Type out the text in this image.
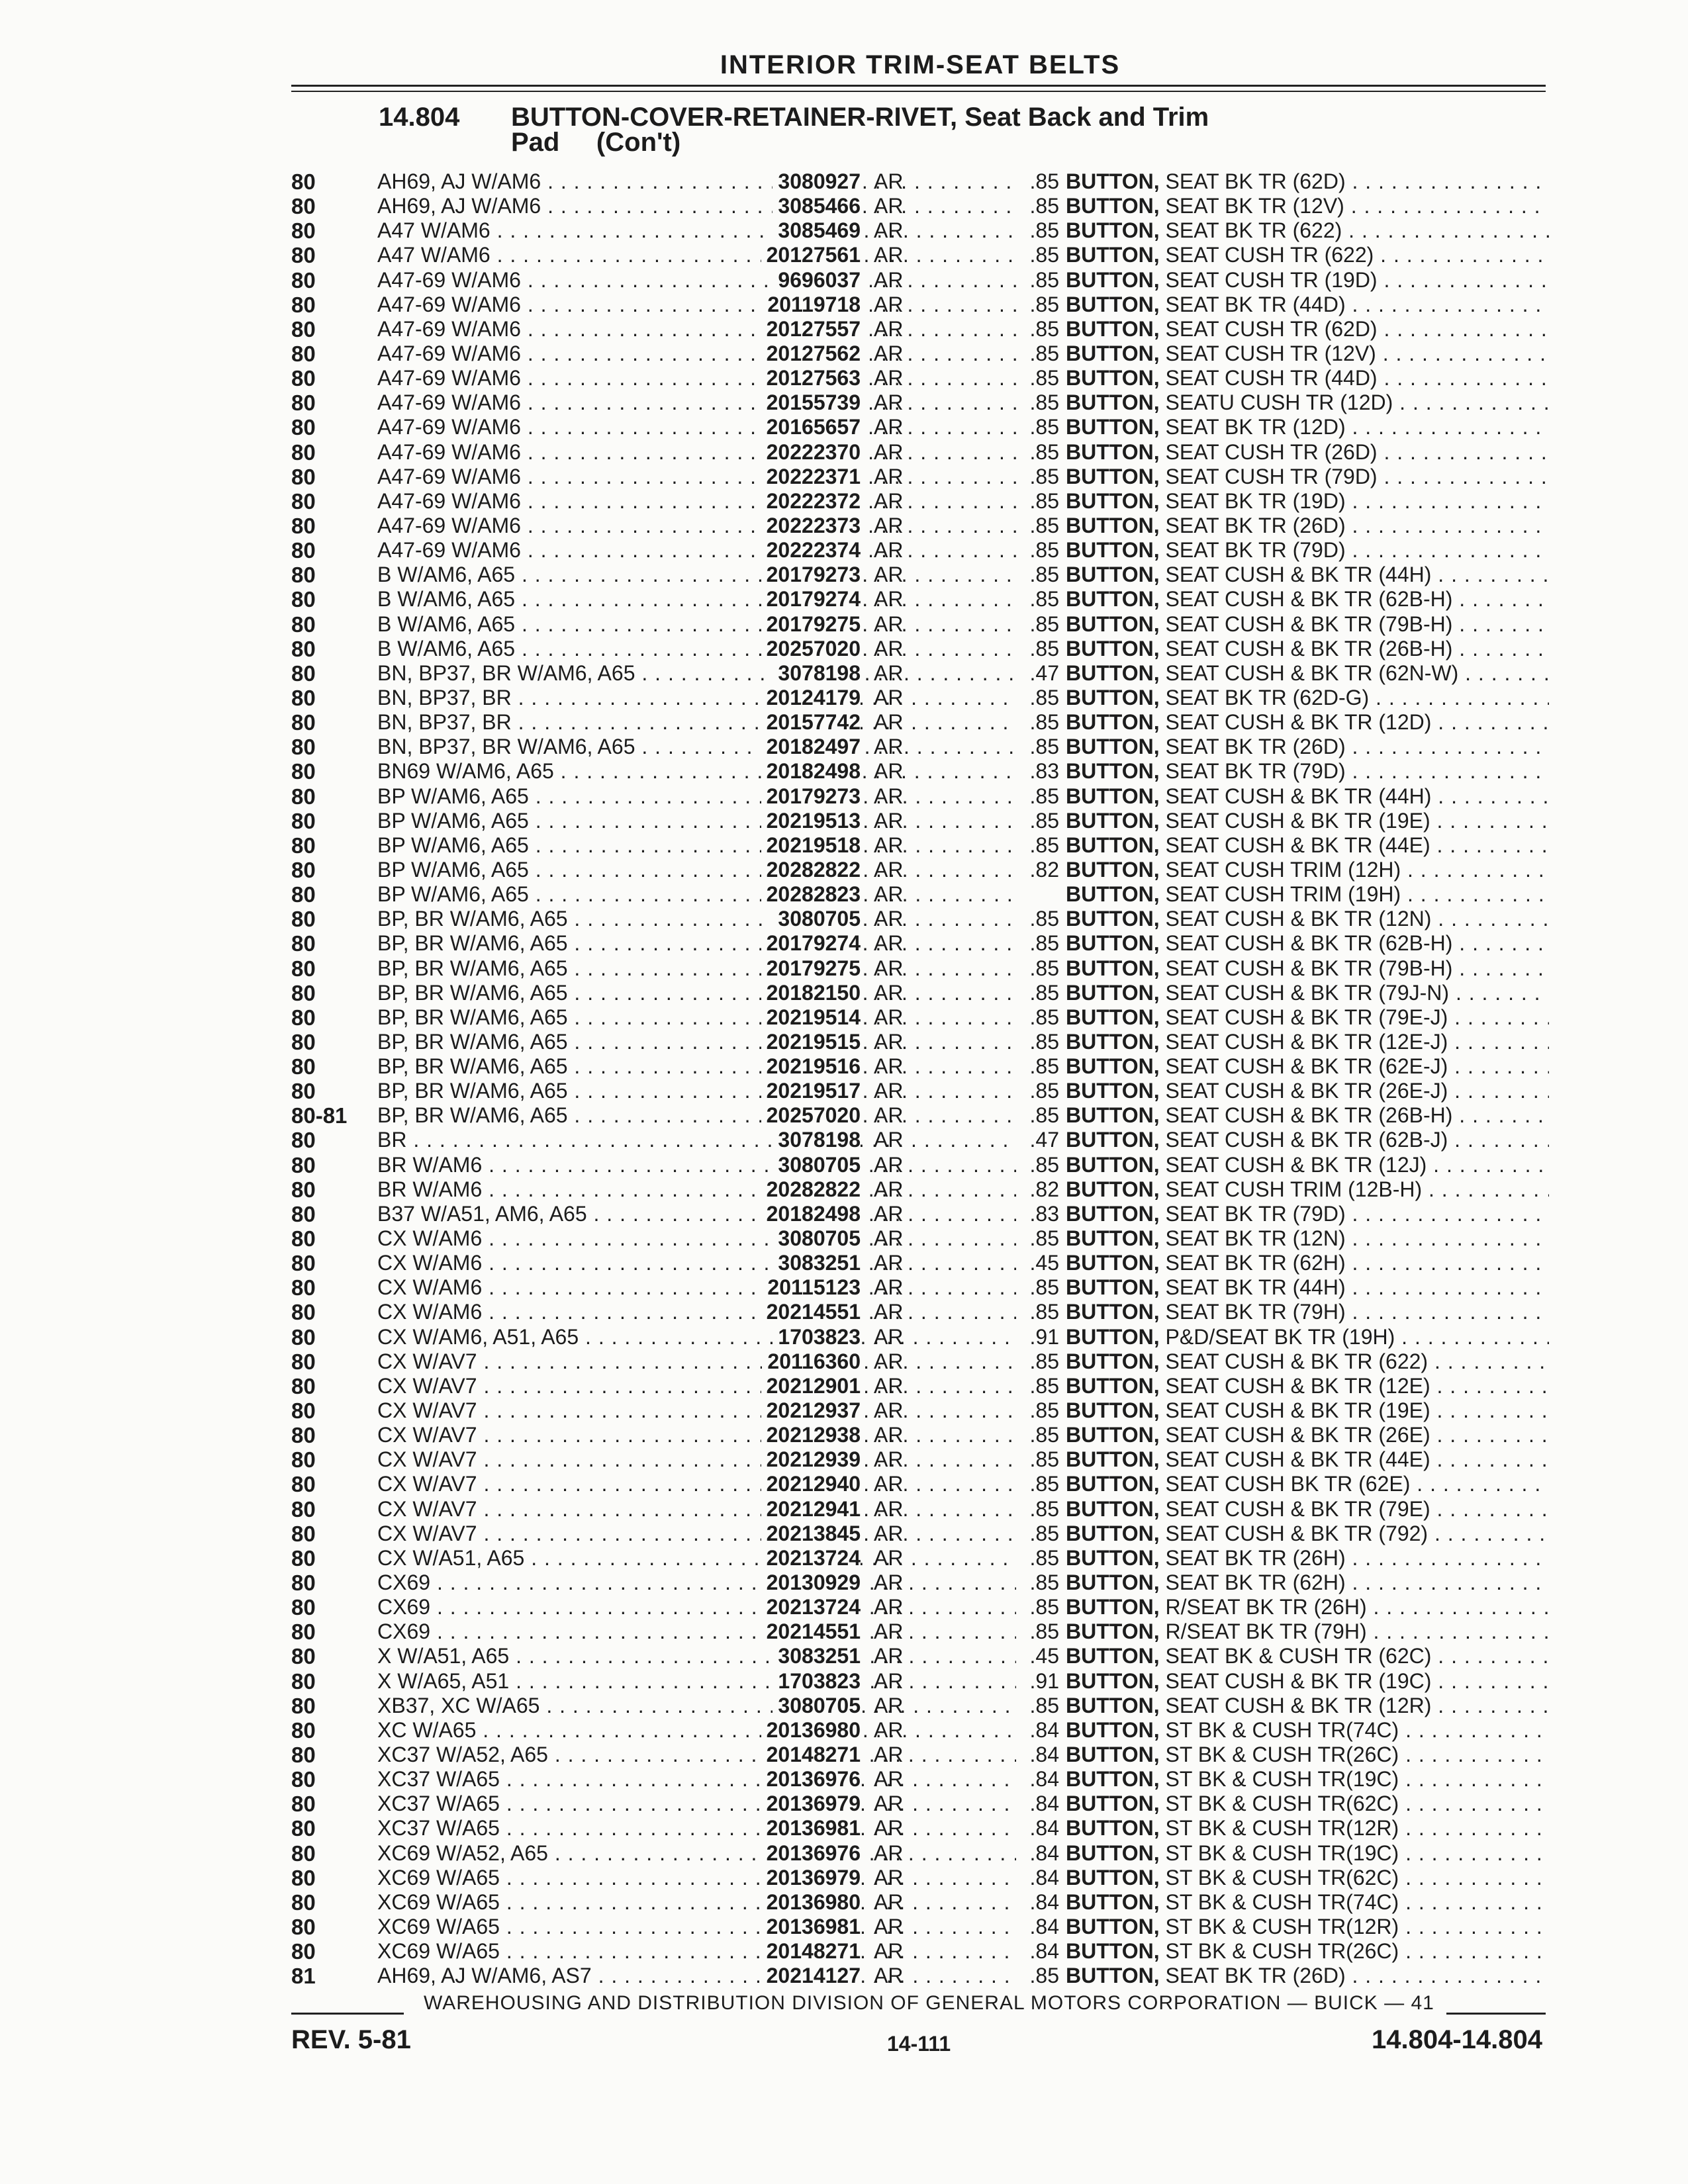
INTERIOR TRIM-SEAT BELTS
14.804 BUTTON-COVER-RETAINER-RIVET, Seat Back and Trim
Pad     (Con't)
80	AH69, AJ W/AM6 . . .	3080927 AR	.85 BUTTON, SEAT BK TR (62D) . . .
80	AH69, AJ W/AM6 . . .	3085466 AR	.85 BUTTON, SEAT BK TR (12V) . . .
80	A47 W/AM6 . . .	3085469 AR	.85 BUTTON, SEAT BK TR (622) . . .
80	A47 W/AM6 . . .	20127561 AR	.85 BUTTON, SEAT CUSH TR (622) . . .
80	A47-69 W/AM6 . . .	9696037 AR	.85 BUTTON, SEAT CUSH TR (19D) . . .
80	A47-69 W/AM6 . . .	20119718 AR	.85 BUTTON, SEAT BK TR (44D) . . .
80	A47-69 W/AM6 . . .	20127557 AR	.85 BUTTON, SEAT CUSH TR (62D) . . .
80	A47-69 W/AM6 . . .	20127562 AR	.85 BUTTON, SEAT CUSH TR (12V) . . .
80	A47-69 W/AM6 . . .	20127563 AR	.85 BUTTON, SEAT CUSH TR (44D) . . .
80	A47-69 W/AM6 . . .	20155739 AR	.85 BUTTON, SEATU CUSH TR (12D) . . .
80	A47-69 W/AM6 . . .	20165657 AR	.85 BUTTON, SEAT BK TR (12D) . . .
80	A47-69 W/AM6 . . .	20222370 AR	.85 BUTTON, SEAT CUSH TR (26D) . . .
80	A47-69 W/AM6 . . .	20222371 AR	.85 BUTTON, SEAT CUSH TR (79D) . . .
80	A47-69 W/AM6 . . .	20222372 AR	.85 BUTTON, SEAT BK TR (19D) . . .
80	A47-69 W/AM6 . . .	20222373 AR	.85 BUTTON, SEAT BK TR (26D) . . .
80	A47-69 W/AM6 . . .	20222374 AR	.85 BUTTON, SEAT BK TR (79D) . . .
80	B W/AM6, A65 . . .	20179273 AR	.85 BUTTON, SEAT CUSH & BK TR (44H) . . .
80	B W/AM6, A65 . . .	20179274 AR	.85 BUTTON, SEAT CUSH & BK TR (62B-H) . . .
80	B W/AM6, A65 . . .	20179275 AR	.85 BUTTON, SEAT CUSH & BK TR (79B-H) . . .
80	B W/AM6, A65 . . .	20257020 AR	.85 BUTTON, SEAT CUSH & BK TR (26B-H) . . .
80	BN, BP37, BR W/AM6, A65 . . .	3078198 AR	.47 BUTTON, SEAT CUSH & BK TR (62N-W) . . .
80	BN, BP37, BR . . .	20124179 AR	.85 BUTTON, SEAT BK TR (62D-G) . . .
80	BN, BP37, BR . . .	20157742 AR	.85 BUTTON, SEAT CUSH & BK TR (12D) . . .
80	BN, BP37, BR W/AM6, A65 . . .	20182497 AR	.85 BUTTON, SEAT BK TR (26D) . . .
80	BN69 W/AM6, A65 . . .	20182498 AR	.83 BUTTON, SEAT BK TR (79D) . . .
80	BP W/AM6, A65 . . .	20179273 AR	.85 BUTTON, SEAT CUSH & BK TR (44H) . . .
80	BP W/AM6, A65 . . .	20219513 AR	.85 BUTTON, SEAT CUSH & BK TR (19E) . . .
80	BP W/AM6, A65 . . .	20219518 AR	.85 BUTTON, SEAT CUSH & BK TR (44E) . . .
80	BP W/AM6, A65 . . .	20282822 AR	.82 BUTTON, SEAT CUSH TRIM (12H) . . .
80	BP W/AM6, A65 . . .	20282823 AR	BUTTON, SEAT CUSH TRIM (19H) . . .
80	BP, BR W/AM6, A65 . . .	3080705 AR	.85 BUTTON, SEAT CUSH & BK TR (12N) . . .
80	BP, BR W/AM6, A65 . . .	20179274 AR	.85 BUTTON, SEAT CUSH & BK TR (62B-H) . . .
80	BP, BR W/AM6, A65 . . .	20179275 AR	.85 BUTTON, SEAT CUSH & BK TR (79B-H) . . .
80	BP, BR W/AM6, A65 . . .	20182150 AR	.85 BUTTON, SEAT CUSH & BK TR (79J-N) . . .
80	BP, BR W/AM6, A65 . . .	20219514 AR	.85 BUTTON, SEAT CUSH & BK TR (79E-J) . . .
80	BP, BR W/AM6, A65 . . .	20219515 AR	.85 BUTTON, SEAT CUSH & BK TR (12E-J) . . .
80	BP, BR W/AM6, A65 . . .	20219516 AR	.85 BUTTON, SEAT CUSH & BK TR (62E-J) . . .
80	BP, BR W/AM6, A65 . . .	20219517 AR	.85 BUTTON, SEAT CUSH & BK TR (26E-J) . . .
80-81	BP, BR W/AM6, A65 . . .	20257020 AR	.85 BUTTON, SEAT CUSH & BK TR (26B-H) . . .
80	BR . . .	3078198 AR	.47 BUTTON, SEAT CUSH & BK TR (62B-J) . . .
80	BR W/AM6 . . .	3080705 AR	.85 BUTTON, SEAT CUSH & BK TR (12J) . . .
80	BR W/AM6 . . .	20282822 AR	.82 BUTTON, SEAT CUSH TRIM (12B-H) . . .
80	B37 W/A51, AM6, A65 . . .	20182498 AR	.83 BUTTON, SEAT BK TR (79D) . . .
80	CX W/AM6 . . .	3080705 AR	.85 BUTTON, SEAT BK TR (12N) . . .
80	CX W/AM6 . . .	3083251 AR	.45 BUTTON, SEAT BK TR (62H) . . .
80	CX W/AM6 . . .	20115123 AR	.85 BUTTON, SEAT BK TR (44H) . . .
80	CX W/AM6 . . .	20214551 AR	.85 BUTTON, SEAT BK TR (79H) . . .
80	CX W/AM6, A51, A65 . . .	1703823 AR	.91 BUTTON, P&D/SEAT BK TR (19H) . . .
80	CX W/AV7 . . .	20116360 AR	.85 BUTTON, SEAT CUSH & BK TR (622) . . .
80	CX W/AV7 . . .	20212901 AR	.85 BUTTON, SEAT CUSH & BK TR (12E) . . .
80	CX W/AV7 . . .	20212937 AR	.85 BUTTON, SEAT CUSH & BK TR (19E) . . .
80	CX W/AV7 . . .	20212938 AR	.85 BUTTON, SEAT CUSH & BK TR (26E) . . .
80	CX W/AV7 . . .	20212939 AR	.85 BUTTON, SEAT CUSH & BK TR (44E) . . .
80	CX W/AV7 . . .	20212940 AR	.85 BUTTON, SEAT CUSH BK TR (62E) . . .
80	CX W/AV7 . . .	20212941 AR	.85 BUTTON, SEAT CUSH & BK TR (79E) . . .
80	CX W/AV7 . . .	20213845 AR	.85 BUTTON, SEAT CUSH & BK TR (792) . . .
80	CX W/A51, A65 . . .	20213724 AR	.85 BUTTON, SEAT BK TR (26H) . . .
80	CX69 . . .	20130929 AR	.85 BUTTON, SEAT BK TR (62H) . . .
80	CX69 . . .	20213724 AR	.85 BUTTON, R/SEAT BK TR (26H) . . .
80	CX69 . . .	20214551 AR	.85 BUTTON, R/SEAT BK TR (79H) . . .
80	X W/A51, A65 . . .	3083251 AR	.45 BUTTON, SEAT BK & CUSH TR (62C) . . .
80	X W/A65, A51 . . .	1703823 AR	.91 BUTTON, SEAT CUSH & BK TR (19C) . . .
80	XB37, XC W/A65 . . .	3080705 AR	.85 BUTTON, SEAT CUSH & BK TR (12R) . . .
80	XC W/A65 . . .	20136980 AR	.84 BUTTON, ST BK & CUSH TR(74C) . . .
80	XC37 W/A52, A65 . . .	20148271 AR	.84 BUTTON, ST BK & CUSH TR(26C) . . .
80	XC37 W/A65 . . .	20136976 AR	.84 BUTTON, ST BK & CUSH TR(19C) . . .
80	XC37 W/A65 . . .	20136979 AR	.84 BUTTON, ST BK & CUSH TR(62C) . . .
80	XC37 W/A65 . . .	20136981 AR	.84 BUTTON, ST BK & CUSH TR(12R) . . .
80	XC69 W/A52, A65 . . .	20136976 AR	.84 BUTTON, ST BK & CUSH TR(19C) . . .
80	XC69 W/A65 . . .	20136979 AR	.84 BUTTON, ST BK & CUSH TR(62C) . . .
80	XC69 W/A65 . . .	20136980 AR	.84 BUTTON, ST BK & CUSH TR(74C) . . .
80	XC69 W/A65 . . .	20136981 AR	.84 BUTTON, ST BK & CUSH TR(12R) . . .
80	XC69 W/A65 . . .	20148271 AR	.84 BUTTON, ST BK & CUSH TR(26C) . . .
81	AH69, AJ W/AM6, AS7 . . .	20214127 AR	.85 BUTTON, SEAT BK TR (26D) . . .
WAREHOUSING AND DISTRIBUTION DIVISION OF GENERAL MOTORS CORPORATION — BUICK — 41
REV. 5-81	14-111	14.804-14.804
